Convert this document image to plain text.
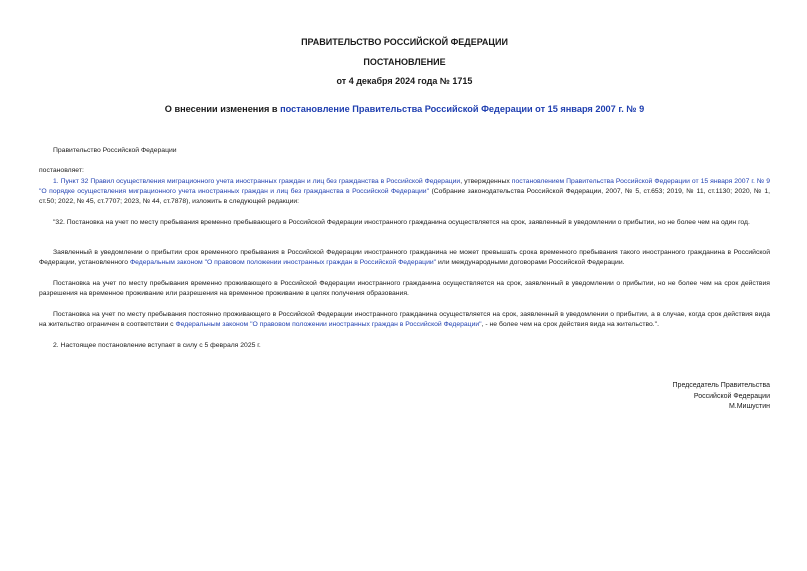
ПРАВИТЕЛЬСТВО РОССИЙСКОЙ ФЕДЕРАЦИИ
ПОСТАНОВЛЕНИЕ
от 4 декабря 2024 года № 1715
О внесении изменения в постановление Правительства Российской Федерации от 15 января 2007 г. № 9
Правительство Российской Федерации
постановляет:
1. Пункт 32 Правил осуществления миграционного учета иностранных граждан и лиц без гражданства в Российской Федерации, утвержденных постановлением Правительства Российской Федерации от 15 января 2007 г. № 9 "О порядке осуществления миграционного учета иностранных граждан и лиц без гражданства в Российской Федерации" (Собрание законодательства Российской Федерации, 2007, № 5, ст.653; 2019, № 11, ст.1130; 2020, № 1, ст.50; 2022, № 45, ст.7707; 2023, № 44, ст.7878), изложить в следующей редакции:
"32. Постановка на учет по месту пребывания временно пребывающего в Российской Федерации иностранного гражданина осуществляется на срок, заявленный в уведомлении о прибытии, но не более чем на один год.
Заявленный в уведомлении о прибытии срок временного пребывания в Российской Федерации иностранного гражданина не может превышать срока временного пребывания такого иностранного гражданина в Российской Федерации, установленного Федеральным законом "О правовом положении иностранных граждан в Российской Федерации" или международными договорами Российской Федерации.
Постановка на учет по месту пребывания временно проживающего в Российской Федерации иностранного гражданина осуществляется на срок, заявленный в уведомлении о прибытии, но не более чем на срок действия разрешения на временное проживание или разрешения на временное проживание в целях получения образования.
Постановка на учет по месту пребывания постоянно проживающего в Российской Федерации иностранного гражданина осуществляется на срок, заявленный в уведомлении о прибытии, а в случае, когда срок действия вида на жительство ограничен в соответствии с Федеральным законом "О правовом положении иностранных граждан в Российской Федерации", - не более чем на срок действия вида на жительство.".
2. Настоящее постановление вступает в силу с 5 февраля 2025 г.
Председатель Правительства
Российской Федерации
М.Мишустин
